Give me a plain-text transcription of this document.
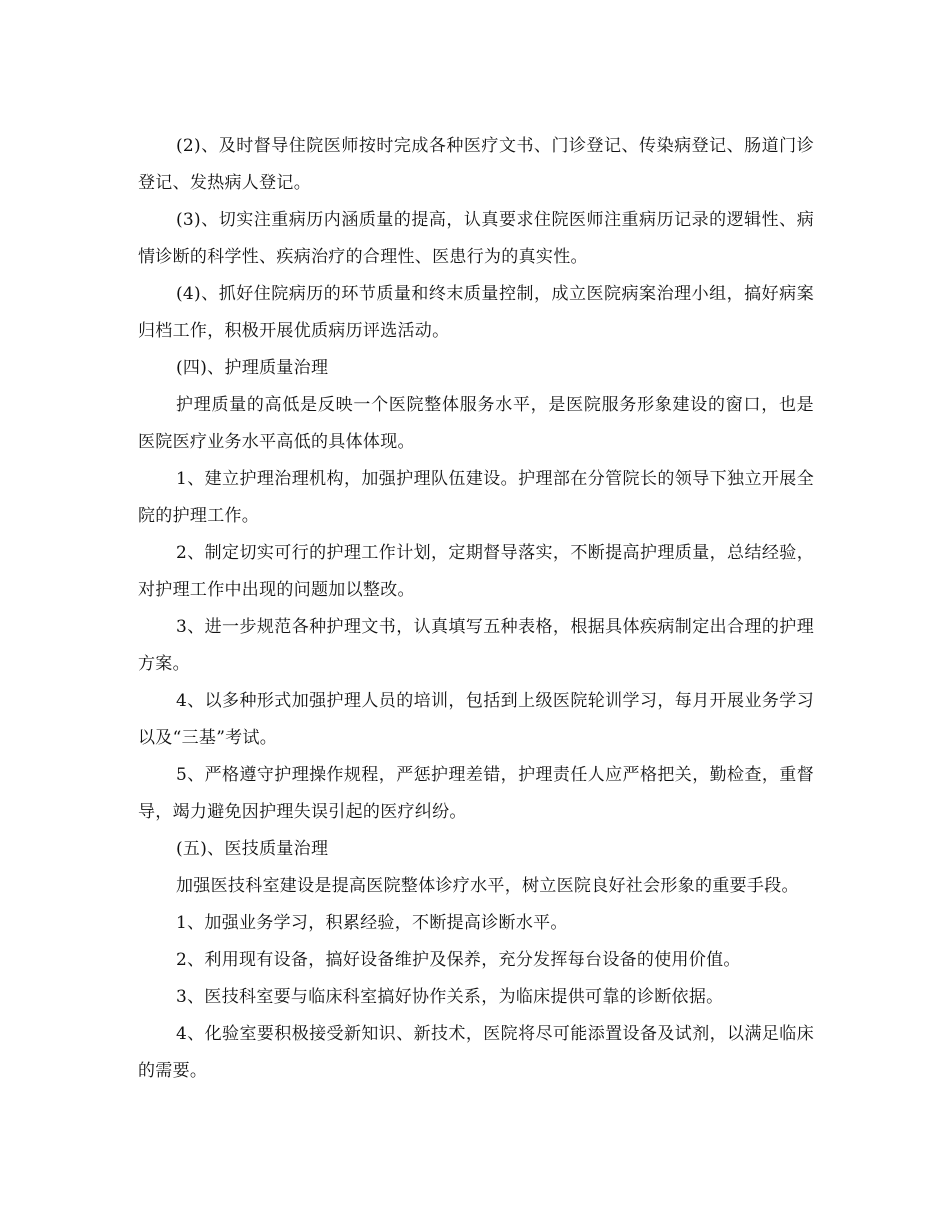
(2)、及时督导住院医师按时完成各种医疗文书、门诊登记、传染病登记、肠道门诊登记、发热病人登记。

(3)、切实注重病历内涵质量的提高，认真要求住院医师注重病历记录的逻辑性、病情诊断的科学性、疾病治疗的合理性、医患行为的真实性。

(4)、抓好住院病历的环节质量和终末质量控制，成立医院病案治理小组，搞好病案归档工作，积极开展优质病历评选活动。

(四)、护理质量治理

护理质量的高低是反映一个医院整体服务水平，是医院服务形象建设的窗口，也是医院医疗业务水平高低的具体体现。

1、建立护理治理机构，加强护理队伍建设。护理部在分管院长的领导下独立开展全院的护理工作。

2、制定切实可行的护理工作计划，定期督导落实，不断提高护理质量，总结经验，对护理工作中出现的问题加以整改。

3、进一步规范各种护理文书，认真填写五种表格，根据具体疾病制定出合理的护理方案。

4、以多种形式加强护理人员的培训，包括到上级医院轮训学习，每月开展业务学习以及“三基”考试。

5、严格遵守护理操作规程，严惩护理差错，护理责任人应严格把关，勤检查，重督导，竭力避免因护理失误引起的医疗纠纷。

(五)、医技质量治理

加强医技科室建设是提高医院整体诊疗水平，树立医院良好社会形象的重要手段。

1、加强业务学习，积累经验，不断提高诊断水平。

2、利用现有设备，搞好设备维护及保养，充分发挥每台设备的使用价值。

3、医技科室要与临床科室搞好协作关系，为临床提供可靠的诊断依据。

4、化验室要积极接受新知识、新技术，医院将尽可能添置设备及试剂，以满足临床的需要。
